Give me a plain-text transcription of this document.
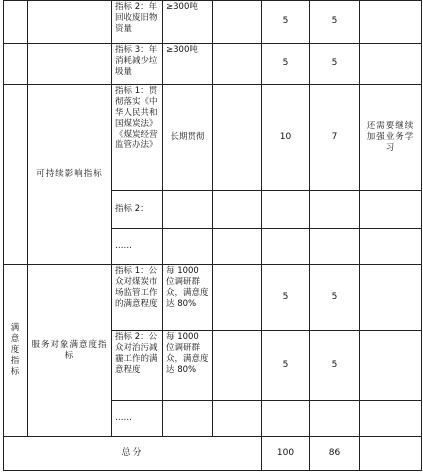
		指标 2：年回收废旧物资量	≥300吨		5	5	
		指标 3：年消耗减少垃圾量	≥300吨		5	5	
	可持续影响指标	指标 1：贯彻落实《中华人民共和国煤炭法》《煤炭经营监管办法》	长期贯彻		10	7	还需要继续加强业务学习
		指标 2：					
		……					
满意度指标	服务对象满意度指标	指标 1：公众对煤炭市场监管工作的满意程度	每 1000 位调研群众，满意度达 80%		5	5	
		指标 2：公众对治污减霾工作的满意程度	每 1000 位调研群众，满意度达 80%		5	5	
		……					
总分					100	86	
